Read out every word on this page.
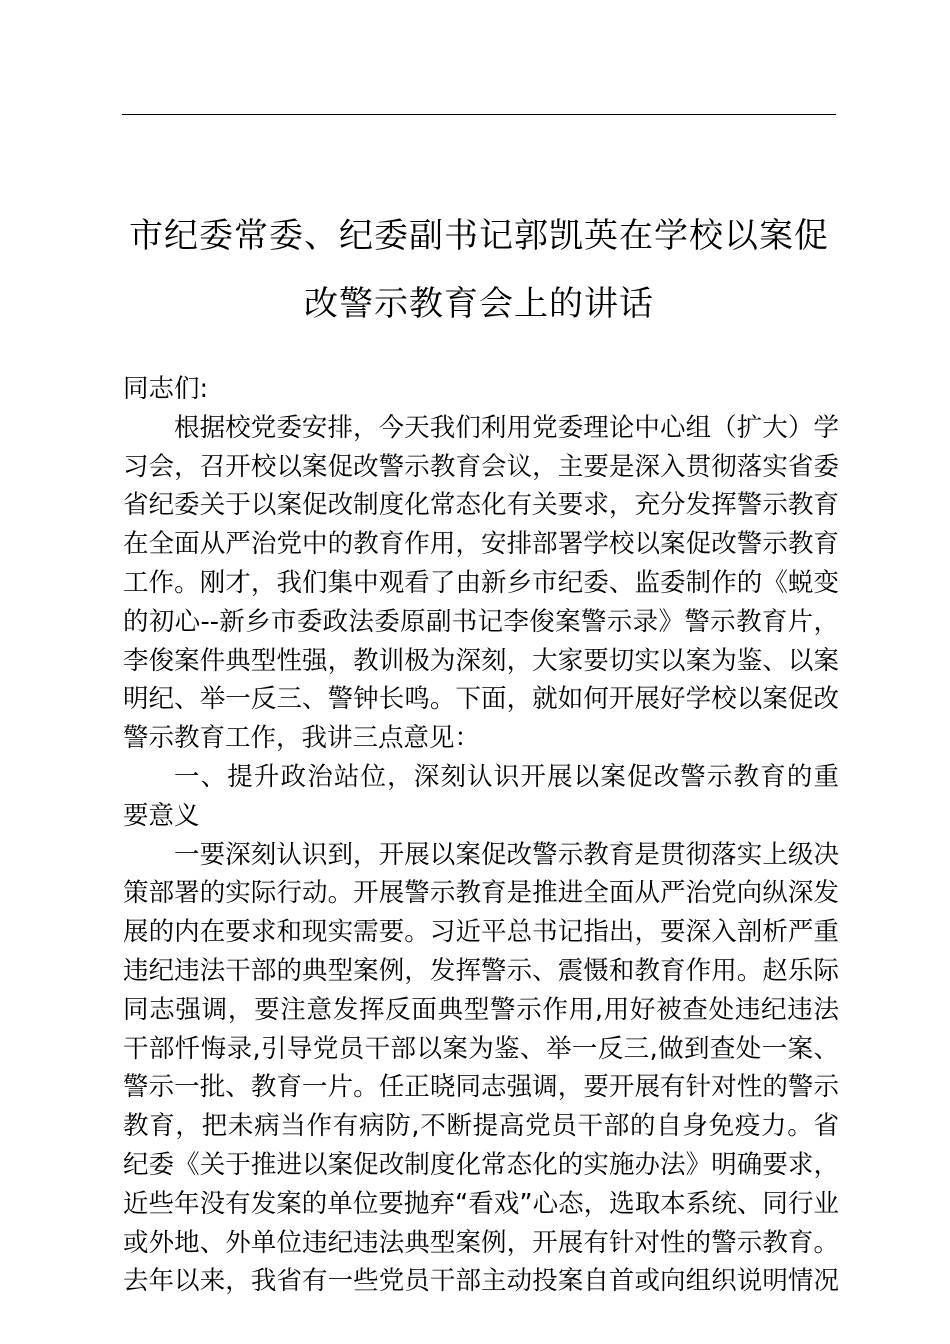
市纪委常委、纪委副书记郭凯英在学校以案促
改警示教育会上的讲话
同志们:
根据校党委安排，今天我们利用党委理论中心组（扩大）学
习会，召开校以案促改警示教育会议，主要是深入贯彻落实省委
省纪委关于以案促改制度化常态化有关要求，充分发挥警示教育
在全面从严治党中的教育作用，安排部署学校以案促改警示教育
工作。刚才，我们集中观看了由新乡市纪委、监委制作的《蜕变
的初心--新乡市委政法委原副书记李俊案警示录》警示教育片，
李俊案件典型性强，教训极为深刻，大家要切实以案为鉴、以案
明纪、举一反三、警钟长鸣。下面，就如何开展好学校以案促改
警示教育工作，我讲三点意见：
一、提升政治站位，深刻认识开展以案促改警示教育的重
要意义
一要深刻认识到，开展以案促改警示教育是贯彻落实上级决
策部署的实际行动。开展警示教育是推进全面从严治党向纵深发
展的内在要求和现实需要。习近平总书记指出，要深入剖析严重
违纪违法干部的典型案例，发挥警示、震慑和教育作用。赵乐际
同志强调，要注意发挥反面典型警示作用,用好被查处违纪违法
干部忏悔录,引导党员干部以案为鉴、举一反三,做到查处一案、
警示一批、教育一片。任正晓同志强调，要开展有针对性的警示
教育，把未病当作有病防,不断提高党员干部的自身免疫力。省
纪委《关于推进以案促改制度化常态化的实施办法》明确要求，
近些年没有发案的单位要抛弃“看戏”心态，选取本系统、同行业
或外地、外单位违纪违法典型案例，开展有针对性的警示教育。
去年以来，我省有一些党员干部主动投案自首或向组织说明情况
